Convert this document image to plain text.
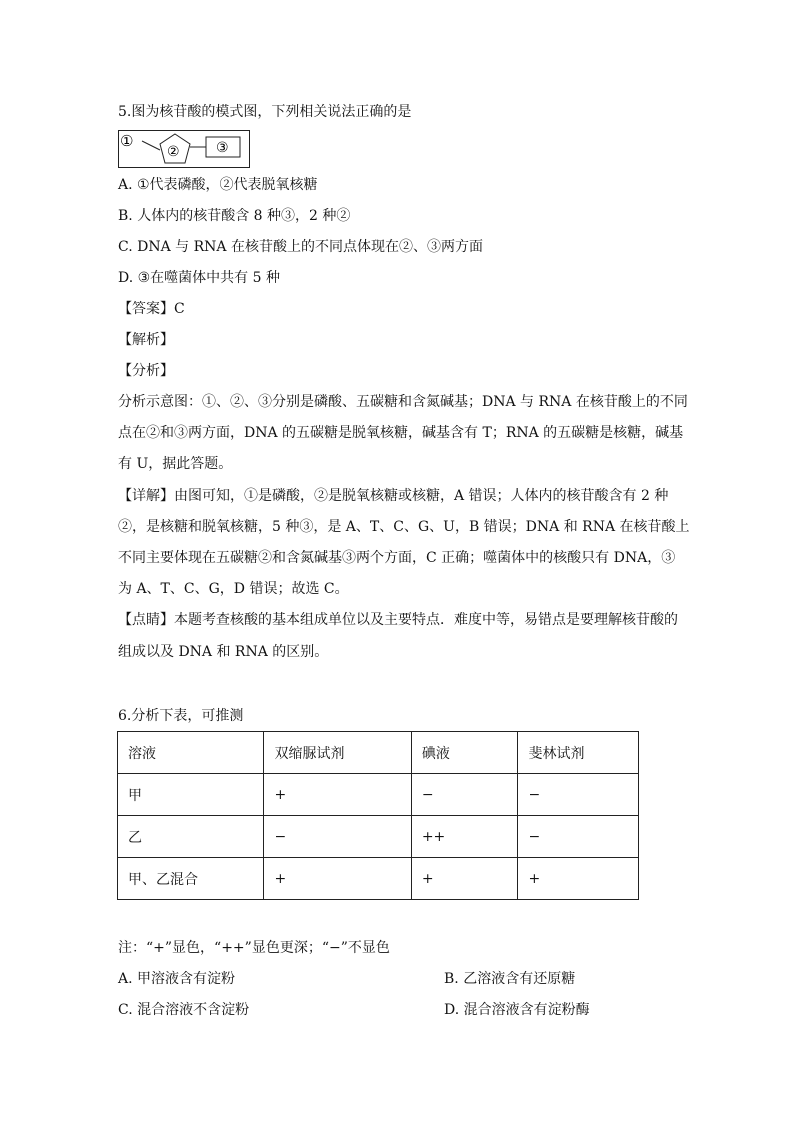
5.图为核苷酸的模式图，下列相关说法正确的是
①
②	③
A. ①代表磷酸，②代表脱氧核糖
B. 人体内的核苷酸含 8 种③，2 种②
C. DNA 与 RNA 在核苷酸上的不同点体现在②、③两方面
D. ③在噬菌体中共有 5 种
【答案】C
【解析】
【分析】
分析示意图：①、②、③分别是磷酸、五碳糖和含氮碱基；DNA 与 RNA 在核苷酸上的不同
点在②和③两方面，DNA 的五碳糖是脱氧核糖，碱基含有 T；RNA 的五碳糖是核糖，碱基
有 U，据此答题。
【详解】由图可知，①是磷酸，②是脱氧核糖或核糖，A 错误；人体内的核苷酸含有 2 种
②，是核糖和脱氧核糖，5 种③，是 A、T、C、G、U，B 错误；DNA 和 RNA 在核苷酸上
不同主要体现在五碳糖②和含氮碱基③两个方面，C 正确；噬菌体中的核酸只有 DNA，③
为 A、T、C、G，D 错误；故选 C。
【点睛】本题考查核酸的基本组成单位以及主要特点．难度中等，易错点是要理解核苷酸的
组成以及 DNA 和 RNA 的区别。
6.分析下表，可推测
溶液	双缩脲试剂	碘液	斐林试剂
甲	+	−	−
乙	−	++	−
甲、乙混合	+	+	+
注：“+”显色，“++”显色更深；“−”不显色
A. 甲溶液含有淀粉	B. 乙溶液含有还原糖
C. 混合溶液不含淀粉	D. 混合溶液含有淀粉酶
